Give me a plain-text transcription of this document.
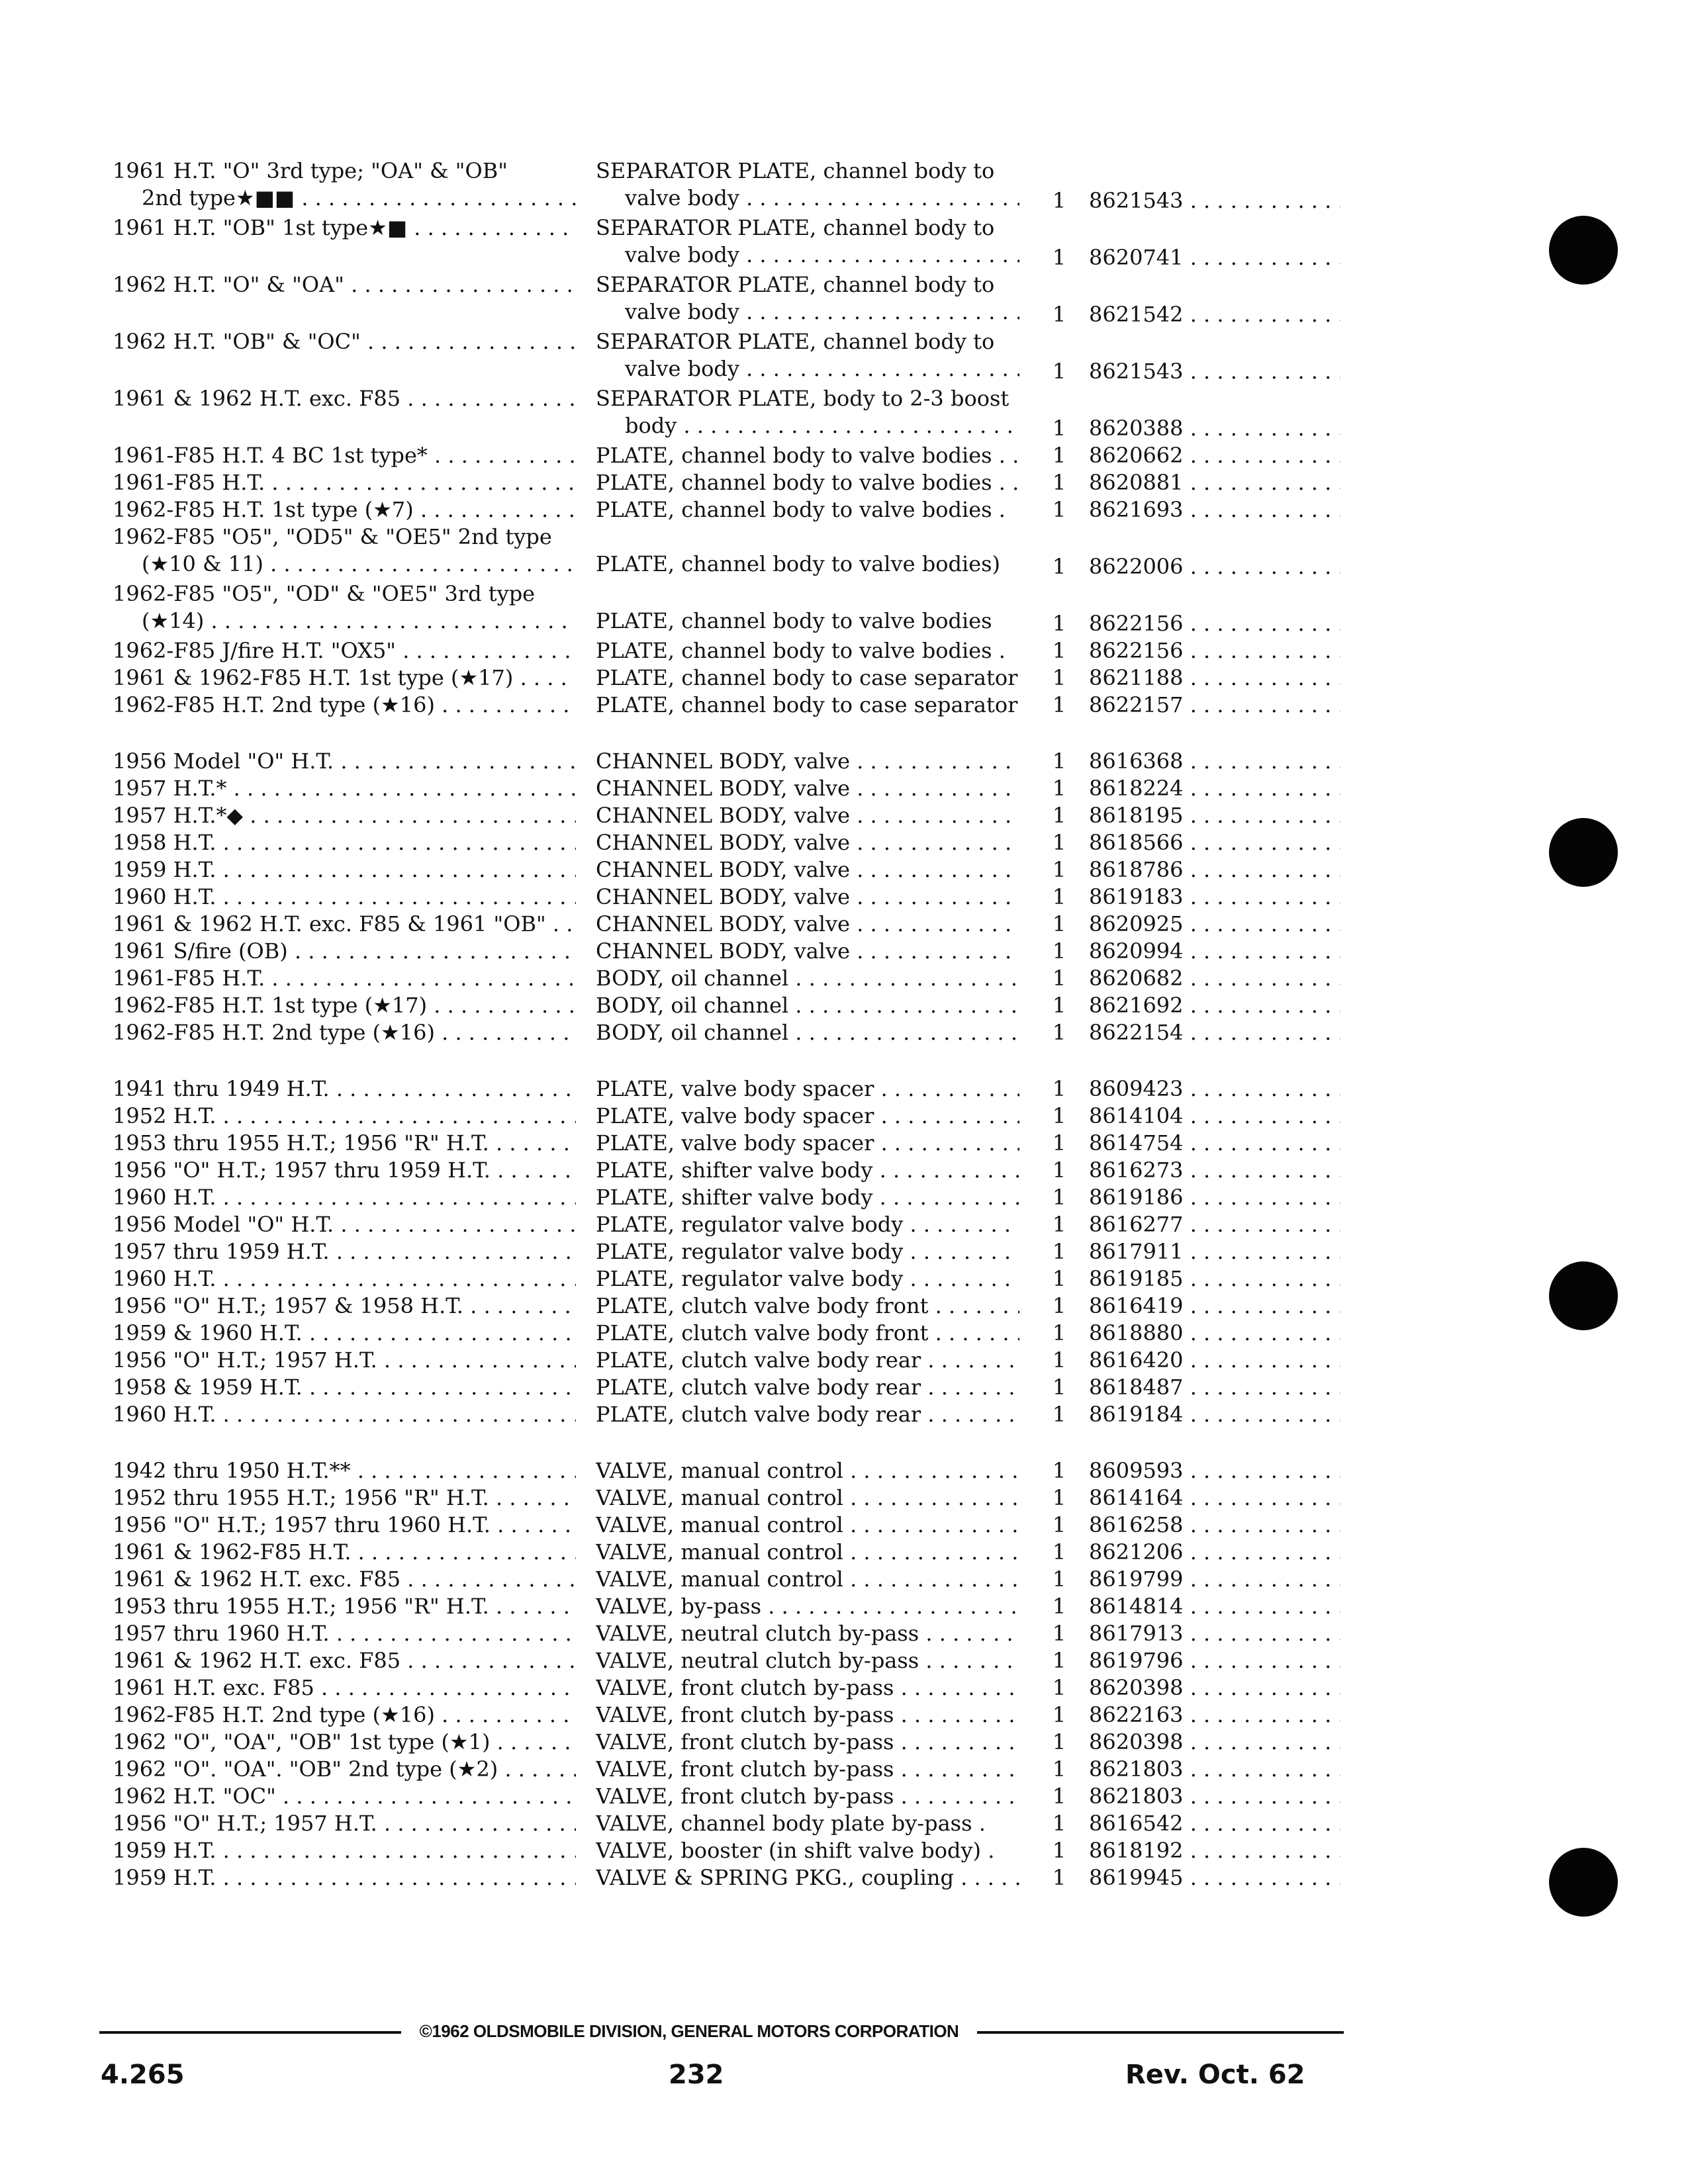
1961 H.T. "O" 3rd type; "OA" & "OB"
2nd type★■■ . . .
SEPARATOR PLATE, channel body to
valve body . . .	1	8621543 . . .
1961 H.T. "OB" 1st type★■ . . .	SEPARATOR PLATE, channel body to
valve body . . .	1	8620741 . . .
1962 H.T. "O" & "OA" . . .	SEPARATOR PLATE, channel body to
valve body . . .	1	8621542 . . .
1962 H.T. "OB" & "OC" . . .	SEPARATOR PLATE, channel body to
valve body . . .	1	8621543 . . .
1961 & 1962 H.T. exc. F85 . . .	SEPARATOR PLATE, body to 2-3 boost
body . . .	1	8620388 . . .
1961-F85 H.T. 4 BC 1st type* . . .	PLATE, channel body to valve bodies . . .	1	8620662 . . .
1961-F85 H.T. . . .	PLATE, channel body to valve bodies . . .	1	8620881 . . .
1962-F85 H.T. 1st type (★7) . . .	PLATE, channel body to valve bodies .	1	8621693 . . .
1962-F85 "O5", "OD5" & "OE5" 2nd type
(★10 & 11) . . .
	PLATE, channel body to valve bodies)	1	8622006 . . .
1962-F85 "O5", "OD" & "OE5" 3rd type
(★14) . . .
	PLATE, channel body to valve bodies	1	8622156 . . .
1962-F85 J/fire H.T. "OX5" . . .	PLATE, channel body to valve bodies .	1	8622156 . . .
1961 & 1962-F85 H.T. 1st type (★17) . . .	PLATE, channel body to case separator . . .	1	8621188 . . .
1962-F85 H.T. 2nd type (★16) . . .	PLATE, channel body to case separator . . .	1	8622157 . . .
1956 Model "O" H.T. . . .	CHANNEL BODY, valve . . .	1	8616368 . . .
1957 H.T.* . . .	CHANNEL BODY, valve . . .	1	8618224 . . .
1957 H.T.*◆ . . .	CHANNEL BODY, valve . . .	1	8618195 . . .
1958 H.T. . . .	CHANNEL BODY, valve . . .	1	8618566 . . .
1959 H.T. . . .	CHANNEL BODY, valve . . .	1	8618786 . . .
1960 H.T. . . .	CHANNEL BODY, valve . . .	1	8619183 . . .
1961 & 1962 H.T. exc. F85 & 1961 "OB" . . .	CHANNEL BODY, valve . . .	1	8620925 . . .
1961 S/fire (OB) . . .	CHANNEL BODY, valve . . .	1	8620994 . . .
1961-F85 H.T. . . .	BODY, oil channel . . .	1	8620682 . . .
1962-F85 H.T. 1st type (★17) . . .	BODY, oil channel . . .	1	8621692 . . .
1962-F85 H.T. 2nd type (★16) . . .	BODY, oil channel . . .	1	8622154 . . .
1941 thru 1949 H.T. . . .	PLATE, valve body spacer . . .	1	8609423 . . .
1952 H.T. . . .	PLATE, valve body spacer . . .	1	8614104 . . .
1953 thru 1955 H.T.; 1956 "R" H.T. . . .	PLATE, valve body spacer . . .	1	8614754 . . .
1956 "O" H.T.; 1957 thru 1959 H.T. . . .	PLATE, shifter valve body . . .	1	8616273 . . .
1960 H.T. . . .	PLATE, shifter valve body . . .	1	8619186 . . .
1956 Model "O" H.T. . . .	PLATE, regulator valve body . . .	1	8616277 . . .
1957 thru 1959 H.T. . . .	PLATE, regulator valve body . . .	1	8617911 . . .
1960 H.T. . . .	PLATE, regulator valve body . . .	1	8619185 . . .
1956 "O" H.T.; 1957 & 1958 H.T. . . .	PLATE, clutch valve body front . . .	1	8616419 . . .
1959 & 1960 H.T. . . .	PLATE, clutch valve body front . . .	1	8618880 . . .
1956 "O" H.T.; 1957 H.T. . . .	PLATE, clutch valve body rear . . .	1	8616420 . . .
1958 & 1959 H.T. . . .	PLATE, clutch valve body rear . . .	1	8618487 . . .
1960 H.T. . . .	PLATE, clutch valve body rear . . .	1	8619184 . . .
1942 thru 1950 H.T.** . . .	VALVE, manual control . . .	1	8609593 . . .
1952 thru 1955 H.T.; 1956 "R" H.T. . . .	VALVE, manual control . . .	1	8614164 . . .
1956 "O" H.T.; 1957 thru 1960 H.T. . . .	VALVE, manual control . . .	1	8616258 . . .
1961 & 1962-F85 H.T. . . .	VALVE, manual control . . .	1	8621206 . . .
1961 & 1962 H.T. exc. F85 . . .	VALVE, manual control . . .	1	8619799 . . .
1953 thru 1955 H.T.; 1956 "R" H.T. . . .	VALVE, by-pass . . .	1	8614814 . . .
1957 thru 1960 H.T. . . .	VALVE, neutral clutch by-pass . . .	1	8617913 . . .
1961 & 1962 H.T. exc. F85 . . .	VALVE, neutral clutch by-pass . . .	1	8619796 . . .
1961 H.T. exc. F85 . . .	VALVE, front clutch by-pass . . .	1	8620398 . . .
1962-F85 H.T. 2nd type (★16) . . .	VALVE, front clutch by-pass . . .	1	8622163 . . .
1962 "O", "OA", "OB" 1st type (★1) . . .	VALVE, front clutch by-pass . . .	1	8620398 . . .
1962 "O". "OA". "OB" 2nd type (★2) . . . .	VALVE, front clutch by-pass . . .	1	8621803 . . .
1962 H.T. "OC" . . .	VALVE, front clutch by-pass . . .	1	8621803 . . .
1956 "O" H.T.; 1957 H.T. . . .	VALVE, channel body plate by-pass .	1	8616542 . . .
1959 H.T. . . .	VALVE, booster (in shift valve body) .	1	8618192 . . .
1959 H.T. . . .	VALVE & SPRING PKG., coupling . . .	1	8619945 . . .
©1962 OLDSMOBILE DIVISION, GENERAL MOTORS CORPORATION
4.265	232	Rev. Oct. 62
